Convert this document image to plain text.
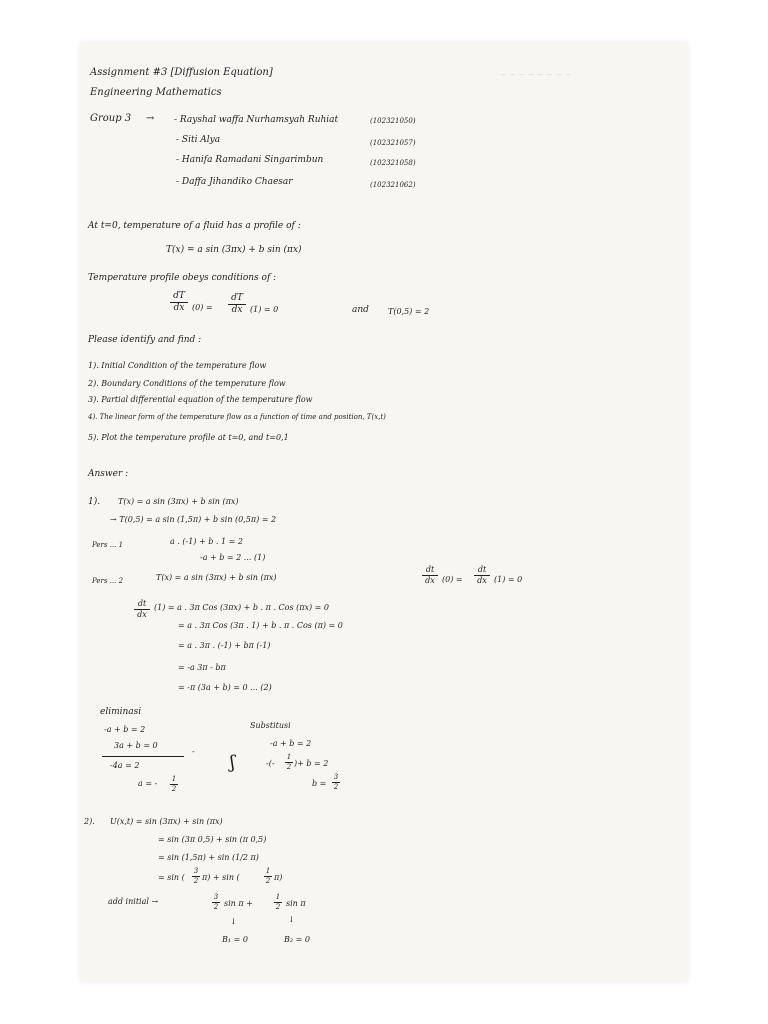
~ ~ ~ ~ ~ ~ ~ ~
Assignment #3 [Diffusion Equation]
Engineering Mathematics
Group 3 → - Rayshal waffa Nurhamsyah Ruhiat	(102321050)
- Siti Alya	(102321057)
- Hanifa Ramadani Singarimbun	(102321058)
- Daffa Jihandiko Chaesar	(102321062)
At t=0, temperature of a fluid has a profile of :
T(x) = a sin (3πx) + b sin (πx)
Temperature profile obeys conditions of :
dT
dx (0) =
dT
dx (1) = 0	and T(0,5) = 2
Please identify and find :
1). Initial Condition of the temperature flow
2). Boundary Conditions of the temperature flow
3). Partial differential equation of the temperature flow
4). The linear form of the temperature flow as a function of time and position, T(x,t)
5). Plot the temperature profile at t=0, and t=0,1
Answer :
1). T(x) = a sin (3πx) + b sin (πx)
→ T(0,5) = a sin (1,5π) + b sin (0,5π) = 2
Pers ... 1	a . (-1) + b . 1 = 2
-a + b = 2 ... (1)
Pers ... 2	T(x) = a sin (3πx) + b sin (πx)
dt
dx (0) =
dt
dx (1) = 0
dt
dx
(1) = a . 3π Cos (3πx) + b . π . Cos (πx) = 0
= a . 3π Cos (3π . 1) + b . π . Cos (π) = 0
= a . 3π . (-1) + bπ (-1)
= -a 3π - bπ
= -π (3a + b) = 0 ... (2)
eliminasi
-a + b = 2
3a + b = 0
-
-4a = 2
a = - 1
2
ʃ
Substitusi
-a + b = 2
-(-
1
2 )+ b = 2
b =
3
2
2). U(x,t) = sin (3πx) + sin (πx)
= sin (3π 0,5) + sin (π 0,5)
= sin (1,5π) + sin (1/2 π)
= sin (
3
2 π) + sin (
1
2 π)
add initial →	3
2 sin π +
1
2 sin π
↓	↓
B₁ = 0	B₂ = 0
